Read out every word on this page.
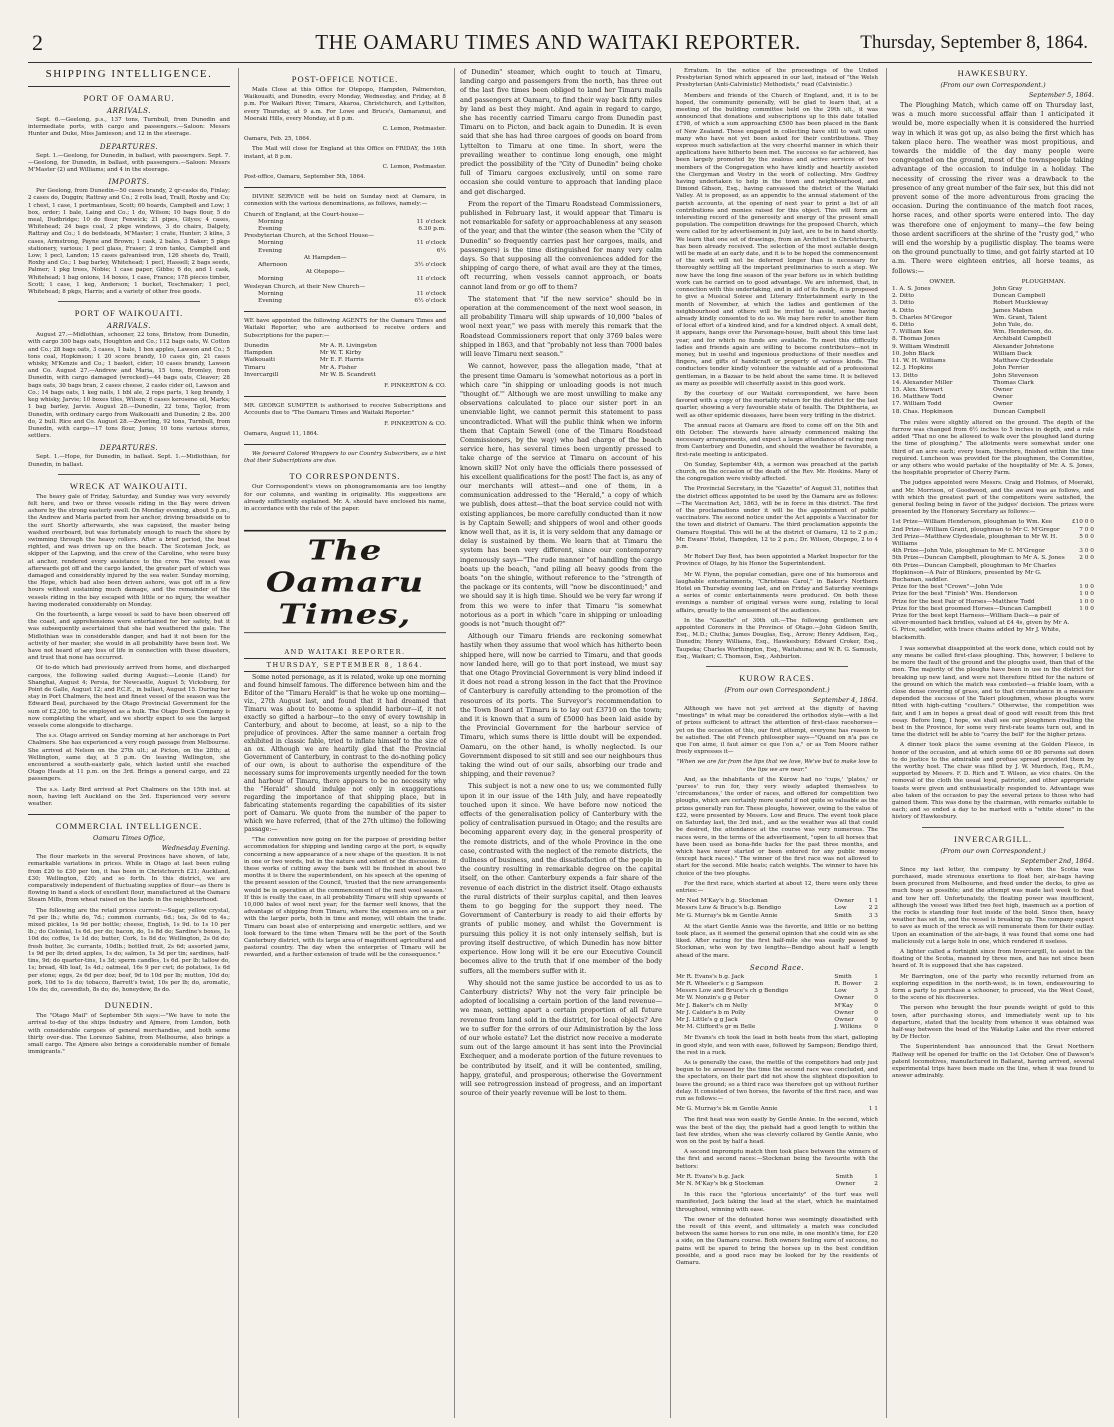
2	THE OAMARU TIMES AND WAITAKI REPORTER.	Thursday, September 8, 1864.
SHIPPING INTELLIGENCE.
PORT OF OAMARU.
ARRIVALS.

Sept. 6.—Geelong, p.s., 137 tons, Turnbull, from Dunedin and intermediate ports, with cargo and passengers.—Saloon: Messrs Hunter and Duke, Miss Jamieson; and 12 in the steerage.

DEPARTURES.

Sept. 1.—Geelong, for Dunedin, in ballast, with passengers. Sept. 7.—Geelong, for Dunedin, in ballast, with passengers.—Saloon: Messrs M'Master (2) and Williams; and 4 in the steerage.

IMPORTS.

Per Geelong, from Dunedin—50 cases brandy, 2 qr-casks do, Finlay; 2 cases do, Duggin; Rattray and Co.; 2 rolls lead, Traill, Roxby and Co; 1 chest, 1 case, 1 portmanteau, Scott; 60 boards, Campbell and Low; 1 box, order; 1 bale, Laing and Co.; 1 do, Wilson; 10 bags flour, 5 do meal, Dudbridge; 10 do flour, Fenwick; 21 pipes, Gilyes; 4 cases, Whitehead; 24 bags coal, 2 pkge windows, 3 do chairs, Dalgety, Rattray and Co.; 1 do bedsteads, M'Master; 1 crate, Hunter; 3 kilns, 3 cases, Armstrong, Payne and Brown; 1 cask, 2 bales, 3 Baker; 5 pkgs stationery, various; 1 pecl glass, Fraser; 2 iron tanks, Campbell and Low; 1 pecl, Landon; 15 cases galvanised iron, 126 sheets do, Traill, Roxby and Co.; 1 bag barley, Whitehead; 1 pecl, Hassell; 2 bags seeds, Palmer; 1 pkg trees, Nobie; 1 case paper, Gibbs; 6 do, and 1 cask, Whitehead; 1 bag onions, 14 boxes, 1 case, France; 178 pieces timber, Scott; 1 case, 1 keg, Anderson; 1 bucket, Teschmaker; 1 pecl, Whitehead; 8 pkgs, Harris; and a variety of other free goods.

PORT OF WAIKOUAITI.
ARRIVALS.

August 27.—Midlothian, schooner, 22 tons, Bristow, from Dunedin, with cargo 300 bags oats, Houghton and Co.; 112 bags oats, W. Cotton and Co.; 28 bags oats, 3 cases, 1 bale, 1 box apples, Lawson and Co.; 5 tons coal, Hopkinson; 1 20 score brandy, 10 cases gin, 21 cases whisky, M'Kenzie and Co.; 1 basket, cider; 10 cases brandy, Lawson and Co. August 27.—Andrew and Maria, 15 tons, Bromley, from Dunedin, with cargo damaged (wrecked)—44 bags oats, Cleaver; 28 bags oats, 30 bags bran, 2 cases cheese, 2 casks cider oil, Lawson and Co.; 14 bags oats, 1 keg nails, 1 bbl ale, 2 rope parts, 1 keg brandy, 1 keg whisky, Jarvie; 10 boxes tiles, Wilson; 6 cases kerosene oil, Marks; 1 bag barley, Jarvie. August 28.—Dunedin, 22 tons, Taylor, from Dunedin, with ordinary cargo from Waikouaiti and Dunedin; 2 lbs. 200 do, 2 bull. Rice and Co. August 28.—Zwerling, 92 tons, Turnbull, from Dunedin, with cargo—17 tons flour, Jones; 10 tons various stores, settlers.

DEPARTURES.

Sept. 1.—Hope, for Dunedin, in ballast. Sept. 1.—Midlothian, for Dunedin, in ballast.

WRECK AT WAIKOUAITI.

The heavy gale of Friday, Saturday, and Sunday was very severely felt here, and two or three vessels riding in the Bay were driven ashore by the strong easterly swell. On Monday evening, about 5 p.m., the Andrew and Maria parted from her anchor, driving broadside on to the surf. Shortly afterwards, she was capsized, the master being washed overboard, but was fortunately enough to reach the shore by swimming through the heavy rollers. After a brief period, the boat righted, and was driven up on the beach. The Scotsman Jock, as skipper of the Lapwing, and the crew of the Caroline, who were busy at anchor, rendered every assistance to the crew. The vessel was afterwards got off and the cargo landed, the greater part of which was damaged and considerably injured by the sea water. Sunday morning, the Hope, which had also been driven ashore, was got off in a few hours without sustaining much damage, and the remainder of the vessels riding in the bay escaped with little or no injury, the weather having moderated considerably on Monday.

On the fourteenth, a large vessel is said to have been observed off the coast, and apprehensions were entertained for her safety, but it was subsequently ascertained that she had weathered the gale. The Midlothian was in considerable danger, and had it not been for the activity of her master, she would in all probability have been lost. We have not heard of any loss of life in connection with these disasters, and trust that none has occurred.

Of to-do which had previously arrived from home, and discharged cargoes, the following sailed during August:—Leonie (Land) for Shanghai, August 4; Persia, for Newcastle, August 5; Vicksburg, for Point de Galle, August 12; and P.C.E., in ballast, August 15. During her stay in Port Chalmers, the best and finest vessel of the season was the Edward Beal, purchased by the Otago Provincial Government for the sum of £2,200, to be employed as a hulk. The Otago Dock Company is now completing the wharf, and we shortly expect to see the largest vessels come alongside to discharge.

The s.s. Otago arrived on Sunday morning at her anchorage in Port Chalmers. She has experienced a very rough passage from Melbourne. She arrived at Nelson on the 27th ult.; at Picton, on the 28th; at Wellington, same day, at 5 p.m. On leaving Wellington, she encountered a south-easterly gale, which lasted until she reached Otago Heads at 11 p.m. on the 3rd. Brings a general cargo, and 22 passengers.

The s.s. Lady Bird arrived at Port Chalmers on the 15th inst. at noon, having left Auckland on the 3rd. Experienced very severe weather.

COMMERCIAL INTELLIGENCE.
Oamaru Times Office,
Wednesday Evening.

The flour markets in the several Provinces have shown, of late, remarkable variations in prices. While in Otago at last been ruling from £20 to £30 per ton, it has been in Christchurch £21; Auckland, £30; Wellington, £20; and so forth. In this district, we are comparatively independent of fluctuating supplies of flour—as there is flowing in hand a stock of excellent flour, manufactured at the Oamaru Steam Mills, from wheat raised on the lands in the neighbourhood.

The following are the retail prices current:—Sugar, yellow crystal, 7d per lb.; white do, 7d.; common currants, 6d.; tea, 3s 6d to 4s.; mixed pickles, 1s 9d per bottle; cheese, English, 1s 9d. to 1s 10 per lb.; do Colonial, 1s 6d. per do; bacon, do, 1s 8d do; Sardine's boxes, 1s 10d do; coffee, 1s 1d do; butter, Cork, 1s 8d do; Wellington, 2s 0d do; fresh butter, 3s; currants, 10dlb.; bottled fruit, 2s 6d; assorted jams, 1s 9d per lb; dried apples, 1s do; salmon, 1s 3d per tin; sardines, half-tins, 9d; do quarter-tins, 1s 3d; sperm candles, 1s 6d. per lb; tallow do, 1s; bread, 4lb loaf, 1s 4d.; oatmeal, 16s 9 per cwt; do potatoes, 1s 6d per stone; eggs, 2s 6d per doz; beef, 9d to 10d per lb; mutton, 10d do; pork, 10d to 1s do; tobacco, Barrett's twist, 10s per lb; do, aromatic, 10s do; do, cavendish, 8s do; do, honeydew, 8s do.

DUNEDIN.

The "Otago Mail" of September 5th says:—"We have to note the arrival to-day of the ships Industry and Ajmere, from London, both with considerable cargoes of general merchandise, and both some thirty over-due. The Lorenzo Sabine, from Melbourne, also brings a small cargo. The Ajmere also brings a considerable number of female immigrants."

POST-OFFICE NOTICE.

Mails Close at this Office for Otepopo, Hampden, Palmerston, Waikouaiti, and Dunedin, every Monday, Wednesday, and Friday, at 8 p.m. For Waikari River, Timaru, Akaroa, Christchurch, and Lyttelton, every Thursday, at 9 a.m. For Lowe and Bruce's, Oamaranui, and Moeraki Hills, every Monday, at 8 p.m.

C. Lemon, Postmaster.

Oamaru, Feb. 25, 1864.

The Mail will close for England at this Office on FRIDAY, the 16th instant, at 8 p.m.

C. Lemon, Postmaster.

Post-office, Oamaru, September 5th, 1864.

DIVINE SERVICE will be held on Sunday next at Oamaru, in connexion with the various denominations, as follows, namely:—

Church of England, at the Court-house—	
Morning	11 o'clock
Evening	6.30 p.m.
Presbyterian Church, at the School House—	
Morning	11 o'clock
Evening	6½
At Hampden—	
Afternoon	3½ o'clock
At Otepopo—	
Morning	11 o'clock
Wesleyan Church, at their New Church—	
Morning	11 o'clock
Evening	6½ o'clock

WE have appointed the following AGENTS for the Oamaru Times and Waitaki Reporter, who are authorised to receive orders and Subscriptions for the paper:—

Dunedin	Mr A. R. Livingston
Hampden	Mr W. T. Kirby
Waikouaiti	Mr E. F. Harris
Timaru	Mr A. Fisher
Invercargill	Mr W. B. Scandrett

F. PINKERTON & CO.

MR. GEORGE SUMPTER is authorised to receive Subscriptions and Accounts due to "The Oamaru Times and Waitaki Reporter."

F. PINKERTON & CO.

Oamaru, August 11, 1864.

We forward Colored Wrappers to our Country Subscribers, as a hint that their Subscriptions are due.

TO CORRESPONDENTS.

Our Correspondent's views on phonogramomania are too lengthy for our columns, and wanting in originality. His suggestions are already sufficiently explained. Mr. A. should have enclosed his name, in accordance with the rule of the paper.

The Oamaru Times,
AND WAITAKI REPORTER.
THURSDAY, SEPTEMBER 8, 1864.

Some noted personage, as it is related, woke up one morning and found himself famous. The difference between him and the Editor of the "Timaru Herald" is that he woke up one morning—viz., 27th August last, and found that it had dreamed that Timaru was about to become a splendid harbour—if, it not exactly so gifted a harbour—to the envy of every township in Canterbury, and about to become, at least, so a nip to the prejudice of provinces. After the same manner a certain frog exhibited in classic fable, tried to inflate himself to the size of an ox. Although we are heartily glad that the Provincial Government of Canterbury, in contrast to the do-nothing policy of our own, is about to authorise the expenditure of the necessary sums for improvements urgently needed for the town and harbour of Timaru, there appears to be no necessity why the "Herald" should indulge not only in exaggerations regarding the importance of that shipping place, but in fabricating statements regarding the capabilities of its sister port of Oamaru. We quote from the number of the paper to which we have referred, (that of the 27th ultimo) the following passage:—

"The convention now going on for the purpose of providing better accommodation for shipping and landing cargo at the port, is equally concerning a new appearance of a new shape of the question. It is not in one or two words, but in the nature and extent of the discussion. If these works of cutting away the bank will be finished in about two months it is there the superintendent, on his speech at the opening of the present session of the Council, 'trusted that the new arrangements would be in operation at the commencement of the next wool season.' If this is really the case, in all probability Timaru will ship upwards of 10,000 bales of wool next year; for the farmer well knows, that the advantage of shipping from Timaru, where the expenses are on a par with the larger ports, both in time and money, will obtain the trade. Timaru can boast also of enterprising and energetic settlers, and we look forward to the time when Timaru will be the port of the South Canterbury district, with its large area of magnificent agricultural and pastoral country. The day when the enterprise of Timaru will be rewarded, and a further extension of trade will be the consequence."

of Dunedin" steamer, which ought to touch at Timaru, landing cargo and passengers from the north, has three out of the last five times been obliged to land her Timaru mails and passengers at Oamaru, to find their way back fifty miles by land as best they might. And again in regard to cargo, she has recently carried Timaru cargo from Dunedin past Timaru on to Picton, and back again to Dunedin. It is even said that she has had three cargoes of goods on board from Lyttelton to Timaru at one time. In short, were the prevailing weather to continue long enough, one might predict the possibility of the "City of Dunedin" being choke full of Timaru cargoes exclusively, until on some rare occasion she could venture to approach that landing place and get discharged.

From the report of the Timaru Roadstead Commissioners, published in February last, it would appear that Timaru is not remarkable for safety or approachableness at any season of the year, and that the winter (the season when the "City of Dunedin" so frequently carries past her cargoes, mails, and passengers) is the time distinguished for many very calm days. So that supposing all the conveniences added for the shipping of cargo there, of what avail are they at the times, oft recurring, when vessels cannot approach, or boats cannot land from or go off to them?

The statement that "if the new service" should be in operation at the commencement of the next wool season, in all probability Timaru will ship upwards of 10,000 "bales of wool next year," we pass with merely this remark that the Roadstead Commissioners report that only 3769 bales were shipped in 1863, and that "probably not less than 7000 bales will leave Timaru next season."

We cannot, however, pass the allegation made, "that at the present time Oamaru is 'somewhat notorious as a port in which care "in shipping or unloading goods is not much "thought of."' Although we are most unwilling to make any observations calculated to place our sister port in an unenviable light, we cannot permit this statement to pass uncontradicted. What will the public think when we inform them that Captain Sewell (one of the Timaru Roadstead Commissioners, by the way) who had charge of the beach service here, has several times been urgently pressed to take charge of the service at Timaru on account of his known skill? Not only have the officials there possessed of his excellent qualifications for the post! The fact is, as any of our merchants will attest—and one of them, in a communication addressed to the "Herald," a copy of which we publish, does attest—that the boat service could not with existing appliances, be more carefully conducted than it now is by Captain Sewell; and shippers of wool and other goods know well that, as it is, it is very seldom that any damage or delay is sustained by them. We learn that at Timaru the system has been very different, since our contemporary ingenuously says—"The rude manner "of handling the cargo boats up the beach, "and piling all heavy goods from the boats "on the shingle, without reference to the "strength of the package or its contents, will "now be discontinued;" and we should say it is high time. Should we be very far wrong if from this we were to infer that Timaru "is somewhat notorious as a port in which "care in shipping or unloading goods is not "much thought of?"

Although our Timaru friends are reckoning somewhat hastily when they assume that wool which has hitherto been shipped here, will now be carried to Timaru, and that goods now landed here, will go to that port instead, we must say that one Otago Provincial Government is very blind indeed if it does not read a strong lesson in the fact that the Province of Canterbury is carefully attending to the promotion of the resources of its ports. The Surveyor's recommendation to the Town Board at Timaru is to lay out £3710 on the town; and it is known that a sum of £5000 has been laid aside by the Provincial Government for the harbour service of Timaru, which sums there is little doubt will be expended. Oamaru, on the other hand, is wholly neglected. Is our Government disposed to sit still and see our neighbours thus taking the wind out of our sails, absorbing our trade and shipping, and their revenue?

This subject is not a new one to us; we commented fully upon it in our issue of the 14th July, and have repeatedly touched upon it since. We have before now noticed the effects of the generalisation policy of Canterbury with the policy of centralisation pursued in Otago; and the results are becoming apparent every day, in the general prosperity of the remote districts, and of the whole Province in the one case, contrasted with the neglect of the remote districts, the dullness of business, and the dissatisfaction of the people in the country resulting in remarkable degree on the capital itself, on the other. Canterbury expends a fair share of the revenue of each district in the district itself. Otago exhausts the rural districts of their surplus capital, and then leaves them to go begging for the support they need. The Government of Canterbury is ready to aid their efforts by grants of public money, and whilst the Government is pursuing this policy it is not only intensely selfish, but is proving itself destructive, of which Dunedin has now bitter experience. How long will it be ere our Executive Council becomes alive to the truth that if one member of the body suffers, all the members suffer with it.

Why should not the same justice be accorded to us as to Canterbury districts? Why not the very fair principle be adopted of localising a certain portion of the land revenue—we mean, setting apart a certain proportion of all future revenue from land sold in the district, for local objects? Are we to suffer for the errors of our Administration by the loss of our whole estate? Let the district now receive a moderate sum out of the large amount it has sent into the Provincial Exchequer, and a moderate portion of the future revenues to be contributed by itself, and it will be contented, smiling, happy, grateful, and prosperous; otherwise the Government will see retrogression instead of progress, and an important source of their yearly revenue will be lost to them.

Erratum. In the notice of the proceedings of the United Presbyterian Synod which appeared in our last, instead of "the Welsh Presbyterian (Anti-Calvinistic) Methodists," read (Calvinistic.)

Members and friends of the Church of England, and, it is to be hoped, the community generally, will be glad to learn that, at a meeting of the building committee held on the 29th ult., it was announced that donations and subscriptions up to this date totalled £798, of which a sum approaching £500 has been placed in the Bank of New Zealand. Those engaged in collecting have still to wait upon many who have not yet been asked for their contributions. They express much satisfaction at the very cheerful manner in which their applications have hitherto been met. The success so far achieved, has been largely promoted by the zealous and active services of two members of the Congregation who have kindly and heartily assisted the Clergyman and Vestry in the work of collecting. Mrs Godfrey having undertaken to help in the town and neighbourhood, and Dimond Gibson, Esq., having canvassed the district of the Waitaki Valley. At is proposed, as an appendix to the annual statement of the parish accounts, at the opening of next year to print a list of all contributions and monies raised for this object. This will form an interesting record of the generosity and energy of the present small population. The competition drawings for the proposed Church, which were called for by advertisement in July last, are to be in hand shortly. We learn that one set of drawings, from an Architect in Christchurch, has been already received. The selection of the most suitable design will be made at an early date, and it is to be hoped the commencement of the work will not be deferred longer than is necessary for thoroughly settling all the important preliminaries to such a step. We now have the long fine season of the year before us in which building work can be carried on to good advantage. We are informed, that, in connection with this undertaking, and in aid of its funds, it is proposed to give a Musical Soiree and Literary Entertainment early in the month of November, at which the ladies and gentlemen of the neighbourhood and others will be invited to assist, some having already kindly consented to do so. We may here refer to another item of local effort of a kindred kind, and for a kindred object. A small debt, it appears, hangs over the Parsonage-house, built about this time last year, and for which no funds are available. To meet this difficulty ladies and friends again are willing to become contributors—not in money, but in useful and ingenious productions of their needles and fingers, and gifts of handicraft or property of various kinds. The conductors tender kindly volunteer the valuable aid of a professional gentleman, in a Bazaar to be held about the same time. It is believed as many as possible will cheerfully assist in this good work.

By the courtesy of our Waitaki correspondent, we have been favored with a copy of the mortality return for the district for the last quarter, showing a very favourable state of health. The Diphtheria, as well as other epidemic diseases, have been very trifling in the district.

The annual races at Oamaru are fixed to come off on the 5th and 6th October. The stewards have already commenced making the necessary arrangements, and expect a large attendance of racing men from Canterbury and Dunedin, and should the weather be favorable, a first-rate meeting is anticipated.

On Sunday, September 4th, a sermon was preached at the parish church, on the occasion of the death of the Rev. Mr. Hoskins. Many of the congregation were visibly affected.

The Provincial Secretary, in the "Gazette" of August 31, notifies that the district offices appointed to be used by the Oamaru are as follows:—The Vaccination Act, 1863, will be in force in this district. The first of the proclamations under it will be the appointment of public vaccinators. The second notice under the Act appoints a Vaccinator for the town and district of Oamaru. The third proclamation appoints the Oamaru Hospital. This will be at the district of Oamaru, 12 to 2 p.m.; Mr. Ewans' Hotel, Hampden, 12 to 2 p.m.; Dr. Wilson, Otepopo, 2 to 4 p.m.

Mr Robert Day Best, has been appointed a Market Inspector for the Province of Otago, by his Honor the Superintendent.

Mr W. Flynn, the popular comedian, gave one of his humorous and laughable entertainments, "Christmas Carol," in Baker's Northern Hotel on Thursday evening last, and on Friday and Saturday evenings a series of comic entertainments were produced. On both these evenings a number of original verses were sung, relating to local affairs, greatly to the amusement of the audiences.

In the "Gazette" of 30th ult.—The following gentlemen are appointed Coroners in the Province of Otago.—John Gideon Smith, Esq., M.D.; Clutha; James Douglas, Esq., Arrow; Henry Addison, Esq., Dunedin; Henry Williams, Esq., Hawkesbury; Edward Croker, Esq., Taupeka; Charles Worthington, Esq., Waitahuna; and W. R. G. Samuels, Esq., Waikari; C. Thomson, Esq., Ashburton.

KUROW RACES.
(From our own Correspondent.)
September 4, 1864.

Although we have not yet arrived at the dignity of having "meetings" in what may be considered the orthodox style—with a list of prizes sufficient to attract the attention of first-class racehorses—yet on the occasion of this, our first attempt, everyone has reason to be satisfied. The old French philosopher says—"Quand on n'a pas ce que l'on aime, il faut aimer ce que l'on a," or as Tom Moore rather freely expresses it—

"When we are far from the lips that we love, We've but to make love to the lips we are near."

And, as the inhabitants of the Kurow had no 'cups,' 'plates,' or 'purses' to run for, they very wisely adapted themselves to 'circumstances,' the order of races, and offered for competition two ploughs, which are certainly more useful if not quite so valuable as the prizes generally run for. These ploughs, however, owing to the value of £22, were presented by Messrs. Low and Bruce. The event took place on Saturday last, the 3rd inst., and as the weather was all that could be desired, the attendance at the course was very numerous. The races were, in the terms of the advertisement, "open to all horses that have been used as bona-fide hacks for the past three months, and which have never started or been entered for any public money (except hack races)." The winner of the first race was not allowed to start for the second. Mile heats; catch weights. The winner to have his choice of the two ploughs.

For the first race, which started at about 12, there were only three entries:—

Mr Ned M'Kay's b.g. Stockman	Owner	1 1
Messrs Low & Bruce's b.g. Bendigo	Low	2 2
Mr G. Murray's bk m Gentle Annie	Smith	3 3

At the start Gentle Annie was the favorite, and little or no betting took place, as it seemed the general opinion that she could win as she liked. After racing for the first half-mile she was easily passed by Stockman, who won by two lengths—Bendigo about half a length ahead of the mare.

Second Race.
Mr R. Evans's b.g. Jack	Smith	1
Mr R. Wheeler's c g Sampson	R. Bower	2
Messrs Low and Bruce's ch g Bendigo	Low	3
Mr W. Nonzin's g g Peter	Owner	0
Mr J. Baker's ch m Nelly	M'Kay	0
Mr J. Calder's b m Polly	Owner	0
Mr J. Little's g g Jack	Owner	0
Mr M. Clifford's gr m Belle	J. Wilkins	0

Mr Evans's ch took the lead in both heats from the start, galloping in good style, and won with ease, followed by Sampson; Bendigo third, the rest in a ruck.

As is generally the case, the mettle of the competitors had only just begun to be aroused by the time the second race was concluded, and the spectators, on their part did not show the slightest disposition to leave the ground; so a third race was therefore got up without further delay. It consisted of two horses, the favorite of the first race, and was run as follows:—

Mr G. Murray's bk m Gentle Annie		1 1

The first heat was won easily by Gentle Annie. In the second, which was the best of the day, the piebald had a good length to within the last few strides, when she was cleverly collared by Gentle Annie, who won on the post by half a head.

A second impromptu match then took place between the winners of the first and second races:—Stockman being the favourite with the bettors:

Mr R. Evans's b.g. Jack	Smith	1
Mr N. M'Kay's bk g Stockman	Owner	2

In this race the "glorious uncertainty" of the turf was well manifested, Jack taking the lead at the start, which he maintained throughout, winning with ease.

The owner of the defeated horse was seemingly dissatisfied with the result of this event, and ultimately a match was concluded between the same horses to run one mile, in one month's time, for £20 a side, on the Oamaru course. Both owners feeling sure of success, no pains will be spared to bring the horses up in the best condition possible, and a good race may be looked for by the residents of Oamaru.

HAWKESBURY.
(From our own Correspondent.)
September 5, 1864.

The Ploughing Match, which came off on Thursday last, was a much more successful affair than I anticipated it would be, more especially when it is considered the hurried way in which it was got up, as also being the first which has taken place here. The weather was most propitious, and towards the middle of the day many people were congregated on the ground, most of the townspeople taking advantage of the occasion to indulge in a holiday. The necessity of crossing the river was a drawback to the presence of any great number of the fair sex, but this did not prevent some of the more adventurous from gracing the occasion. During the continuance of the match foot races, horse races, and other sports were entered into. The day was therefore one of enjoyment to many—the few being those ardent sacrificers at the shrine of the "rusty god," who will end the worship by a pugilistic display. The teams were on the ground punctually to time, and got fairly started at 10 a.m. There were eighteen entries, all horse teams, as follows:—

OWNER.	PLOUGHMAN.
1. A. S. Jones	John Gray
2. Ditto	Duncan Campbell
3. Ditto	Robert Muckleway
4. Ditto	James Maben
5. Charles M'Gregor	Wm. Grant, Talent
6. Ditto	John Yule, do.
7. William Kee	Wm. Henderson, do.
8. Thomas Jones	Archibald Campbell
9. William Windmill	Alexander Johnstone
10. John Black	William Dack
11. W. H. Williams	Matthew Clydesdale
12. J. Hopkins	John Ferrier
13. Ditto	John Stevenson
14. Alexander Miller	Thomas Clark
15. Alex. Stewart	Owner
16. Matthew Todd	Owner
17. William Todd	Owner
18. Chas. Hopkinson	Duncan Campbell

The rules were slightly altered on the ground. The depth of the furrow was changed from 6½ inches to 5 inches in depth, and a rule added "That no one be allowed to walk over the ploughed land during the time of ploughing." The allotments were somewhat under one third of an acre each; every team, therefore, finished within the time required. Luncheon was provided for the ploughmen, the Committee, or any others who would partake of the hospitality of Mr. A. S. Jones, the hospitable proprietor of Cherry Farm.

The judges appointed were Messrs. Craig and Holmes, of Moeraki, and Mr. Morrison, of Goodwood, and the award was as follows, and with which the greatest part of the competitors were satisfied, the general feeling being in favor of the judges' decision. The prizes were presented by the Honorary Secretary as follows:—

1st Prize—William Henderson, ploughman to Wm. Kee	£10 0 0
2nd Prize—William Grant, ploughman to Mr C. M'Gregor	7 0 0
3rd Prize—Matthew Clydesdale, ploughman to Mr W. H. Williams	5 0 0
4th Prize—John Yule, ploughman to Mr C. M'Gregor	3 0 0
5th Prize—Duncan Campbell, ploughman to Mr A. S. Jones	2 0 0
6th Prize—Duncan Campbell, ploughman to Mr Charles Hopkinson—A Pair of Blinkers, presented by Mr G. Buchanan, saddler.	
Prize for the best "Crown"—John Yule	1 0 0
Prize for the best "Finish" Wm. Henderson	1 0 0
Prize for the best Pair of Horses—Matthew Todd	1 0 0
Prize for the best groomed Horses—Duncan Campbell	1 0 0
Prize for the best kept Harness—William Dack—a pair of silver-mounted hack bridles, valued at £4 4s, given by Mr A. G. Price, saddler, with trace chains added by Mr J. White, blacksmith.	

I was somewhat disappointed at the work done, which could not by any means be called first-class ploughing. This, however, I believe to be more the fault of the ground and the ploughs used, than that of the men. The majority of the ploughs have been in use in the district for breaking up new land, and were not therefore fitted for the nature of the ground on which the match was contested—a friable loam, with a close dense covering of grass, and to that circumstance in a measure depended the success of the Taieri ploughmen, whose ploughs were fitted with high-cutting "coulters." Otherwise, the competition was fair, and I am in hopes a great deal of good will result from this first essay. Before long, I hope, we shall see our ploughmen rivalling the best in the Province, for some very first-rate teams turn out, and in time the district will be able to "carry the bell" for the higher prizes.

A dinner took place the same evening at the Golden Fleece, in honor of the occasion, and at which some 60 or 80 persons sat down to do justice to the admirable and profuse spread provided them by the worthy host. The chair was filled by J. W. Murdoch, Esq., R.M., supported by Messrs. F. D. Rich and T. Wilson, as vice chairs. On the removal of the cloth the usual loyal, patriotic, and other appropriate toasts were given and enthusiastically responded to. Advantage was also taken of the occasion to pay the several prizes to those who had gained them. This was done by the chairman, with remarks suitable to each; and so ended a day to be marked with a "white stone" in the history of Hawkesbury.

INVERCARGILL.
(From our own Correspondent.)
September 2nd, 1864.

Since my last letter, the company by whom the Scotia was purchased, made strenuous exertions to float her, air-bags having been procured from Melbourne, and fixed under the decks, to give as much buoy as possible; and the attempt was made last week to float and tow her off. Unfortunately, the floating power was insufficient, although the vessel was lifted two feet high, inasmuch as a portion of the rocks is standing four feet inside of the bold. Since then, heavy weather has set in, and the vessel is breaking up. The company expect to save as much of the wreck as will remunerate them for their outlay. Upon an examination of the air-bags, it was found that some one had maliciously cut a large hole in one, which rendered it useless.

A lighter called a fortnight since from Invercargill, to assist in the floating of the Scotia, manned by three men, and has not since been heard of. It is supposed that she has capsized.

Mr Barrington, one of the party who recently returned from an exploring expedition in the north-west, is in town, endeavouring to form a party to purchase a schooner, to proceed, via the West Coast, to the scene of his discoveries.

The person who brought the four pounds weight of gold to this town, after purchasing stores, and immediately went up to his departure, stated that the locality from whence it was obtained was half-way between the head of the Wakatip Lake and the river entered by Dr Hector.

The Superintendent has announced that the Great Northern Railway will be opened for traffic on the 1st October. One of Dawson's patent locomotives, manufactured in Ballarat, having arrived, several experimental trips have been made on the line, when it was found to answer admirably.
